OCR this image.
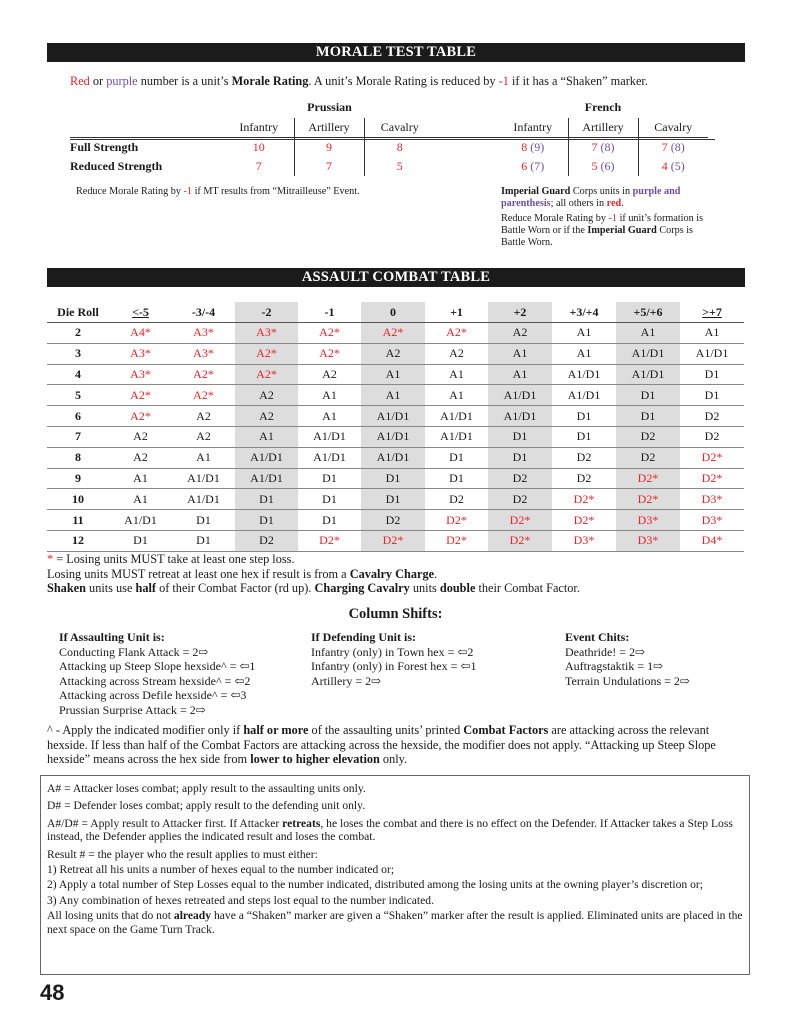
MORALE TEST TABLE
Red or purple number is a unit’s Morale Rating. A unit’s Morale Rating is reduced by -1 if it has a “Shaken” marker.
Prussian	French
	Infantry	Artillery	Cavalry		Infantry	Artillery	Cavalry
Full Strength	10	9	8		8 (9)	7 (8)	7 (8)
Reduced Strength	7	7	5		6 (7)	5 (6)	4 (5)
Reduce Morale Rating by -1 if MT results from “Mitrailleuse” Event.	Imperial Guard Corps units in purple and parenthesis; all others in red.
Reduce Morale Rating by -1 if unit’s formation is Battle Worn or if the Imperial Guard Corps is Battle Worn.
ASSAULT COMBAT TABLE
Die Roll	<-5	-3/-4	-2	-1	0	+1	+2	+3/+4	+5/+6	>+7
2	A4*	A3*	A3*	A2*	A2*	A2*	A2	A1	A1	A1
3	A3*	A3*	A2*	A2*	A2	A2	A1	A1	A1/D1	A1/D1
4	A3*	A2*	A2*	A2	A1	A1	A1	A1/D1	A1/D1	D1
5	A2*	A2*	A2	A1	A1	A1	A1/D1	A1/D1	D1	D1
6	A2*	A2	A2	A1	A1/D1	A1/D1	A1/D1	D1	D1	D2
7	A2	A2	A1	A1/D1	A1/D1	A1/D1	D1	D1	D2	D2
8	A2	A1	A1/D1	A1/D1	A1/D1	D1	D1	D2	D2	D2*
9	A1	A1/D1	A1/D1	D1	D1	D1	D2	D2	D2*	D2*
10	A1	A1/D1	D1	D1	D1	D2	D2	D2*	D2*	D3*
11	A1/D1	D1	D1	D1	D2	D2*	D2*	D2*	D3*	D3*
12	D1	D1	D2	D2*	D2*	D2*	D2*	D3*	D3*	D4*
* = Losing units MUST take at least one step loss.
Losing units MUST retreat at least one hex if result is from a Cavalry Charge.
Shaken units use half of their Combat Factor (rd up). Charging Cavalry units double their Combat Factor.
Column Shifts:
If Assaulting Unit is:
Conducting Flank Attack = 2⇨
Attacking up Steep Slope hexside^ = ⇦1
Attacking across Stream hexside^ = ⇦2
Attacking across Defile hexside^ = ⇦3
Prussian Surprise Attack = 2⇨
If Defending Unit is:
Infantry (only) in Town hex = ⇦2
Infantry (only) in Forest hex = ⇦1
Artillery = 2⇨
Event Chits:
Deathride! = 2⇨
Auftragstaktik = 1⇨
Terrain Undulations = 2⇨
^ - Apply the indicated modifier only if half or more of the assaulting units’ printed Combat Factors are attacking across the relevant hexside. If less than half of the Combat Factors are attacking across the hexside, the modifier does not apply. “Attacking up Steep Slope hexside” means across the hex side from lower to higher elevation only.

A# = Attacker loses combat; apply result to the assaulting units only.

D# = Defender loses combat; apply result to the defending unit only.

A#/D# = Apply result to Attacker first. If Attacker retreats, he loses the combat and there is no effect on the Defender. If Attacker takes a Step Loss instead, the Defender applies the indicated result and loses the combat.

Result # = the player who the result applies to must either:

1) Retreat all his units a number of hexes equal to the number indicated or;

2) Apply a total number of Step Losses equal to the number indicated, distributed among the losing units at the owning player’s discretion or;

3) Any combination of hexes retreated and steps lost equal to the number indicated.

All losing units that do not already have a “Shaken” marker are given a “Shaken” marker after the result is applied. Eliminated units are placed in the next space on the Game Turn Track.

48
